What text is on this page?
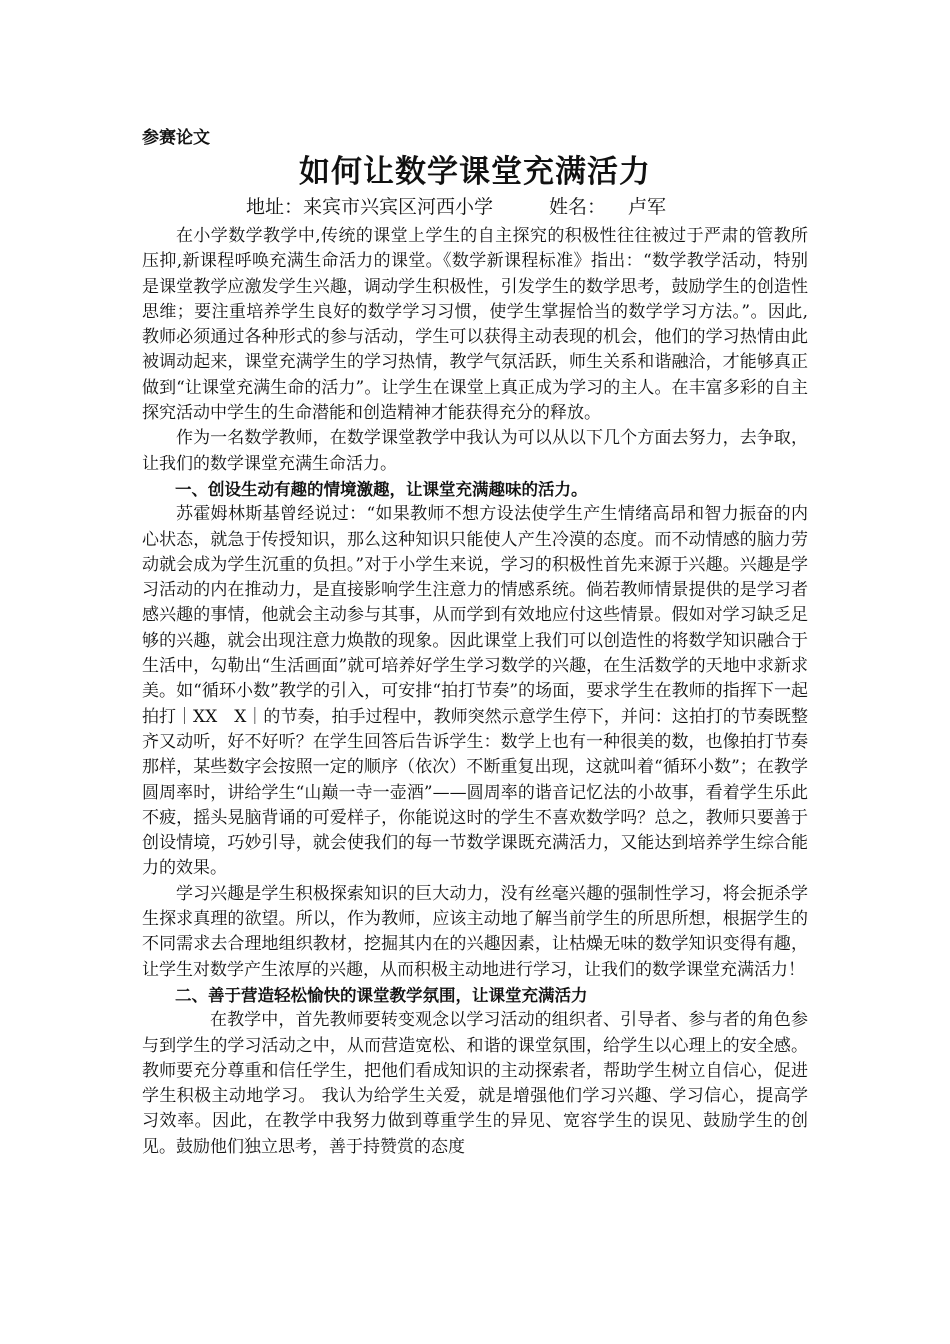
参赛论文
如何让数学课堂充满活力
地址：来宾市兴宾区河西小学	姓名： 卢军

在小学数学教学中,传统的课堂上学生的自主探究的积极性往往被过于严肃的管教所压抑,新课程呼唤充满生命活力的课堂。《数学新课程标准》指出：“数学教学活动，特别是课堂教学应激发学生兴趣，调动学生积极性，引发学生的数学思考，鼓励学生的创造性思维；要注重培养学生良好的数学学习习惯，使学生掌握恰当的数学学习方法。”。因此, 教师必须通过各种形式的参与活动，学生可以获得主动表现的机会，他们的学习热情由此被调动起来，课堂充满学生的学习热情，教学气氛活跃，师生关系和谐融洽，才能够真正做到“让课堂充满生命的活力”。让学生在课堂上真正成为学习的主人。在丰富多彩的自主探究活动中学生的生命潜能和创造精神才能获得充分的释放。

作为一名数学教师，在数学课堂教学中我认为可以从以下几个方面去努力，去争取，让我们的数学课堂充满生命活力。

一、创设生动有趣的情境激趣，让课堂充满趣味的活力。

苏霍姆林斯基曾经说过：“如果教师不想方设法使学生产生情绪高昂和智力振奋的内心状态，就急于传授知识，那么这种知识只能使人产生冷漠的态度。而不动情感的脑力劳动就会成为学生沉重的负担。”对于小学生来说，学习的积极性首先来源于兴趣。兴趣是学习活动的内在推动力，是直接影响学生注意力的情感系统。倘若教师情景提供的是学习者感兴趣的事情，他就会主动参与其事，从而学到有效地应付这些情景。假如对学习缺乏足够的兴趣，就会出现注意力焕散的现象。因此课堂上我们可以创造性的将数学知识融合于生活中，勾勒出“生活画面”就可培养好学生学习数学的兴趣，在生活数学的天地中求新求美。如“循环小数”教学的引入，可安排“拍打节奏”的场面，要求学生在教师的指挥下一起拍打｜XX　X｜的节奏，拍手过程中，教师突然示意学生停下，并问：这拍打的节奏既整齐又动听，好不好听？在学生回答后告诉学生：数学上也有一种很美的数，也像拍打节奏那样，某些数字会按照一定的顺序（依次）不断重复出现，这就叫着“循环小数”；在教学圆周率时，讲给学生“山巅一寺一壶酒”——圆周率的谐音记忆法的小故事，看着学生乐此不疲，摇头晃脑背诵的可爱样子，你能说这时的学生不喜欢数学吗？总之，教师只要善于创设情境，巧妙引导，就会使我们的每一节数学课既充满活力，又能达到培养学生综合能力的效果。

学习兴趣是学生积极探索知识的巨大动力，没有丝毫兴趣的强制性学习，将会扼杀学生探求真理的欲望。所以，作为教师，应该主动地了解当前学生的所思所想，根据学生的不同需求去合理地组织教材，挖掘其内在的兴趣因素，让枯燥无味的数学知识变得有趣，让学生对数学产生浓厚的兴趣，从而积极主动地进行学习，让我们的数学课堂充满活力！

二、善于营造轻松愉快的课堂教学氛围，让课堂充满活力

在教学中，首先教师要转变观念以学习活动的组织者、引导者、参与者的角色参与到学生的学习活动之中，从而营造宽松、和谐的课堂氛围，给学生以心理上的安全感。教师要充分尊重和信任学生，把他们看成知识的主动探索者，帮助学生树立自信心，促进学生积极主动地学习。 我认为给学生关爱，就是增强他们学习兴趣、学习信心，提高学习效率。因此，在教学中我努力做到尊重学生的异见、宽容学生的误见、鼓励学生的创见。鼓励他们独立思考，善于持赞赏的态度
